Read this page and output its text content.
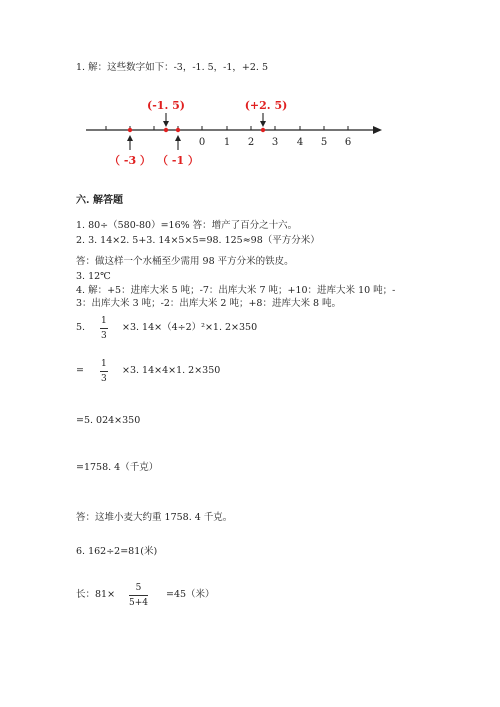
1. 解：这些数字如下：-3，-1. 5，-1，+2. 5
0 1 2 3 4 5 6
(-1. 5)	(+2. 5)
（ -3 ） （ -1 ）
六. 解答题
1. 80÷（580-80）=16% 答：增产了百分之十六。
2. 3. 14×2. 5+3. 14×5×5=98. 125≈98（平方分米）
答：做这样一个水桶至少需用 98 平方分米的铁皮。
3. 12℃
4. 解：+5：进库大米 5 吨；-7：出库大米 7 吨；+10：进库大米 10 吨；-
3：出库大米 3 吨；-2：出库大米 2 吨；+8：进库大米 8 吨。
5. $\frac{1}{3} \times 3$. 14×（4÷2）²×1. 2×350
= $\frac{1}{3} \times 3$. 14×4×1. 2×350
=5. 024×350
=1758. 4（千克）
答：这堆小麦大约重 1758. 4 千克。
6. 162÷2=81(米)
长：$81\times \frac{5}{5+4} =45$（米）
